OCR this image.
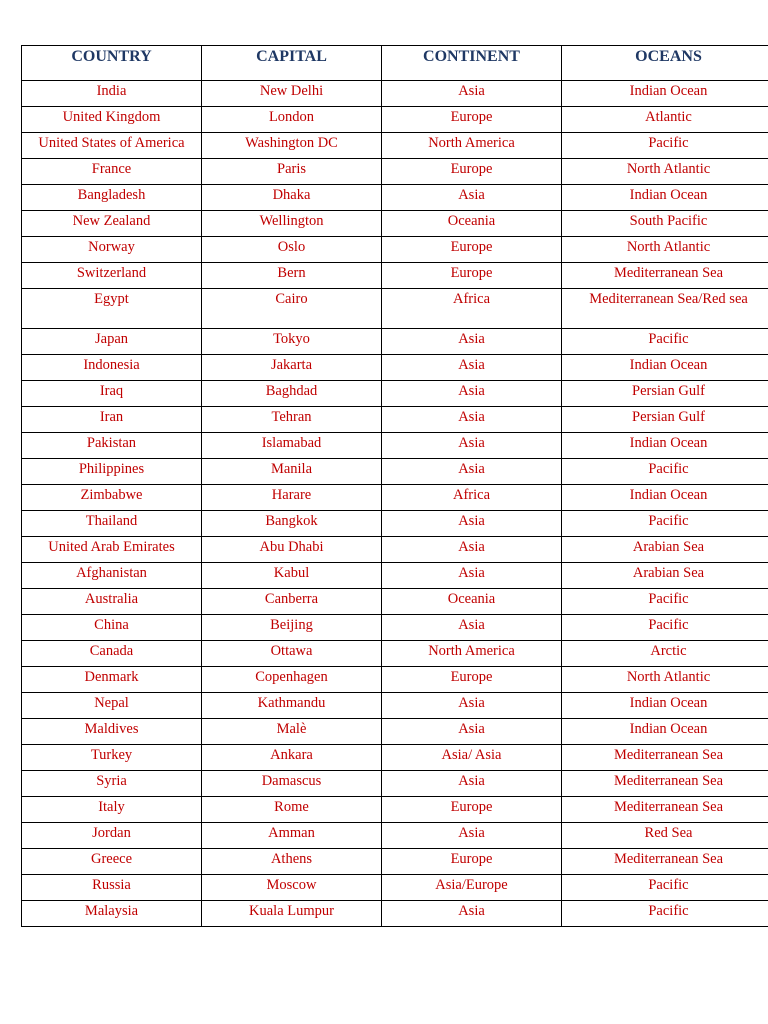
COUNTRY	CAPITAL	CONTINENT	OCEANS
India	New Delhi	Asia	Indian Ocean
United Kingdom	London	Europe	Atlantic
United States of America	Washington DC	North America	Pacific
France	Paris	Europe	North Atlantic
Bangladesh	Dhaka	Asia	Indian Ocean
New Zealand	Wellington	Oceania	South Pacific
Norway	Oslo	Europe	North Atlantic
Switzerland	Bern	Europe	Mediterranean Sea
Egypt	Cairo	Africa	Mediterranean Sea/Red sea
Japan	Tokyo	Asia	Pacific
Indonesia	Jakarta	Asia	Indian Ocean
Iraq	Baghdad	Asia	Persian Gulf
Iran	Tehran	Asia	Persian Gulf
Pakistan	Islamabad	Asia	Indian Ocean
Philippines	Manila	Asia	Pacific
Zimbabwe	Harare	Africa	Indian Ocean
Thailand	Bangkok	Asia	Pacific
United Arab Emirates	Abu Dhabi	Asia	Arabian Sea
Afghanistan	Kabul	Asia	Arabian Sea
Australia	Canberra	Oceania	Pacific
China	Beijing	Asia	Pacific
Canada	Ottawa	North America	Arctic
Denmark	Copenhagen	Europe	North Atlantic
Nepal	Kathmandu	Asia	Indian Ocean
Maldives	Malè	Asia	Indian Ocean
Turkey	Ankara	Asia/ Asia	Mediterranean Sea
Syria	Damascus	Asia	Mediterranean Sea
Italy	Rome	Europe	Mediterranean Sea
Jordan	Amman	Asia	Red Sea
Greece	Athens	Europe	Mediterranean Sea
Russia	Moscow	Asia/Europe	Pacific
Malaysia	Kuala Lumpur	Asia	Pacific
